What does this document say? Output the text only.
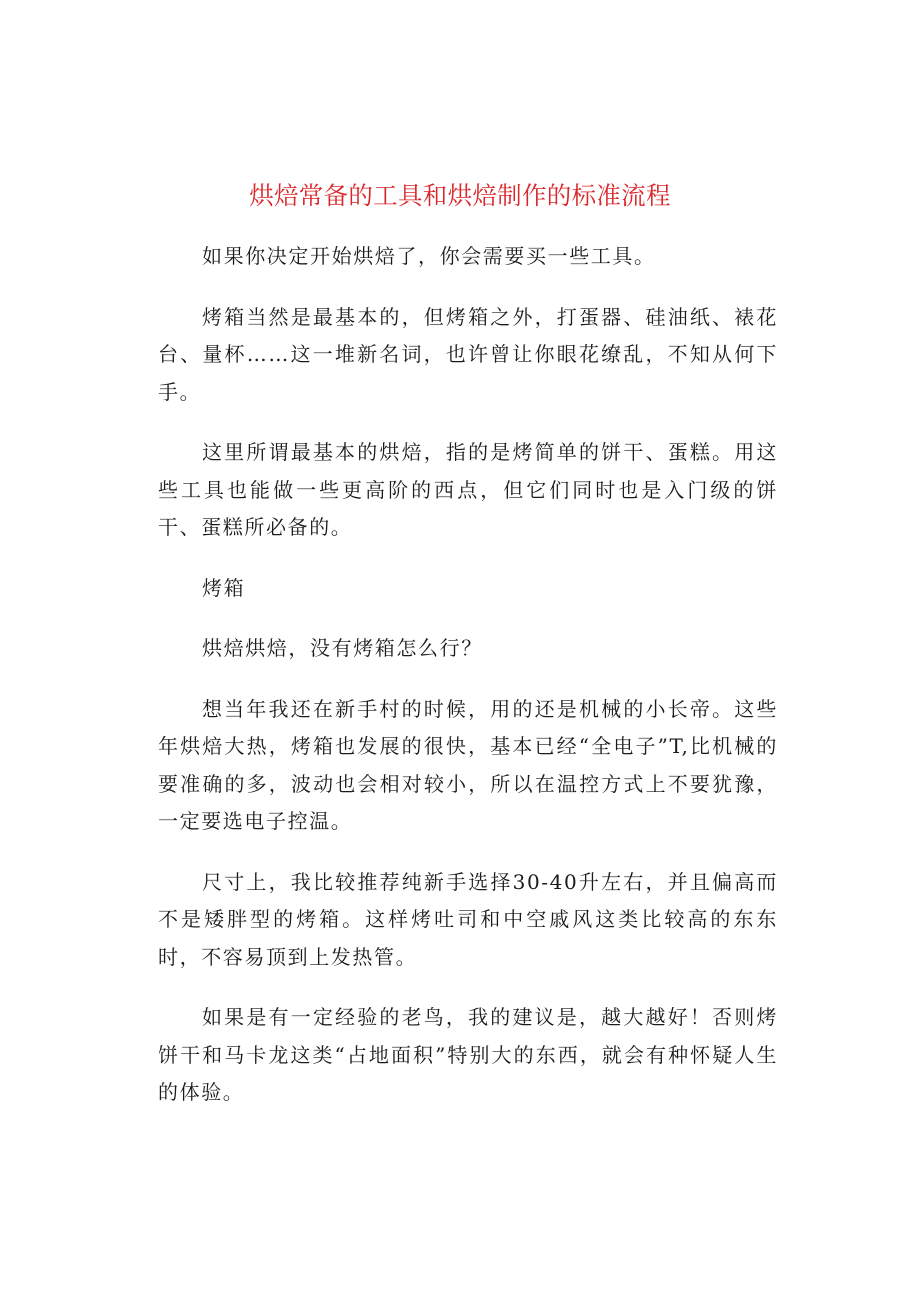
烘焙常备的工具和烘焙制作的标准流程

如果你决定开始烘焙了，你会需要买一些工具。

烤箱当然是最基本的，但烤箱之外，打蛋器、硅油纸、裱花台、量杯……这一堆新名词，也许曾让你眼花缭乱，不知从何下手。

这里所谓最基本的烘焙，指的是烤简单的饼干、蛋糕。用这些工具也能做一些更高阶的西点，但它们同时也是入门级的饼干、蛋糕所必备的。

烤箱

烘焙烘焙，没有烤箱怎么行？

想当年我还在新手村的时候，用的还是机械的小长帝。这些年烘焙大热，烤箱也发展的很快，基本已经“全电子”T,比机械的要准确的多，波动也会相对较小，所以在温控方式上不要犹豫，一定要选电子控温。

尺寸上，我比较推荐纯新手选择30-40升左右，并且偏高而不是矮胖型的烤箱。这样烤吐司和中空戚风这类比较高的东东时，不容易顶到上发热管。

如果是有一定经验的老鸟，我的建议是，越大越好！否则烤饼干和马卡龙这类“占地面积”特别大的东西，就会有种怀疑人生的体验。
